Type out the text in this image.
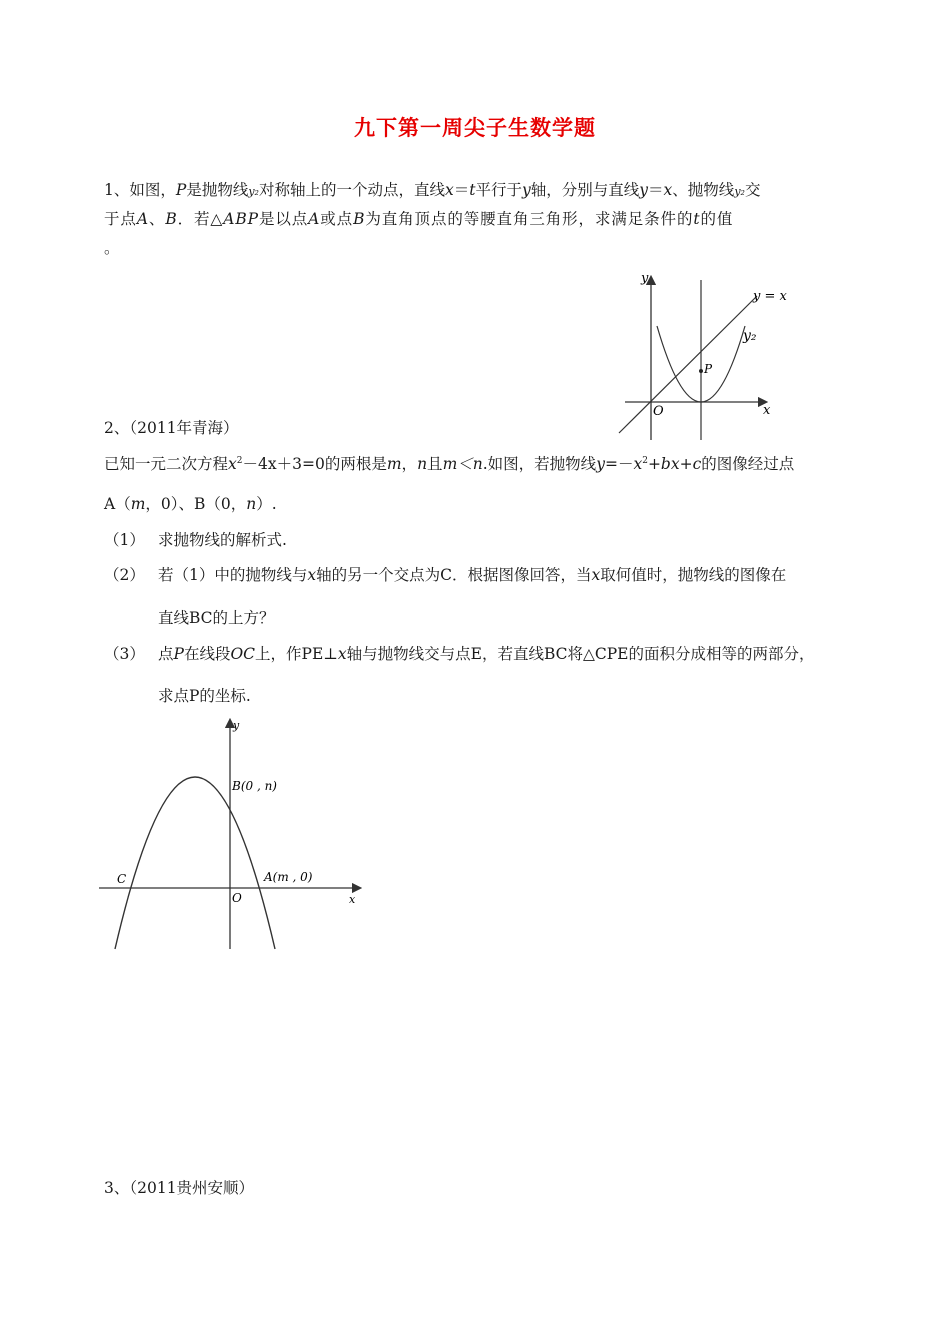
九下第一周尖子生数学题
1、如图，P是抛物线y₂对称轴上的一个动点，直线x＝t平行于y轴，分别与直线y＝x、抛物线y₂交
于点A、B．若△ABP是以点A或点B为直角顶点的等腰直角三角形，求满足条件的t的值
。
y
x
O
y = x
y₂
P
2、（2011年青海）
已知一元二次方程$x^2-4x+3=0$的两根是m，n且m＜n.如图，若抛物线$y=-x^2+bx+c$的图像经过点
A（m，0）、B（0，n）.
（1） 求抛物线的解析式.
（2） 若（1）中的抛物线与x轴的另一个交点为C．根据图像回答，当x取何值时，抛物线的图像在
直线BC的上方？
（3） 点P在线段OC上，作PE⊥x轴与抛物线交与点E，若直线BC将△CPE的面积分成相等的两部分，
求点P的坐标.
y
x
O
B(0 , n)
A(m , 0)
C
3、（2011贵州安顺）
